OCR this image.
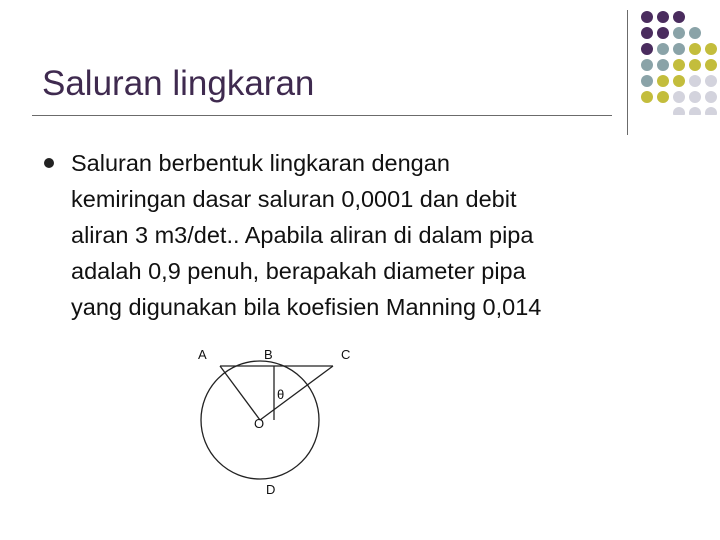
Saluran lingkaran

Saluran berbentuk lingkaran dengan
kemiringan dasar saluran 0,0001 dan debit
aliran 3 m3/det.. Apabila aliran di dalam pipa
adalah 0,9 penuh, berapakah diameter pipa
yang digunakan bila koefisien Manning 0,014

A	B	C
θ
O
D
